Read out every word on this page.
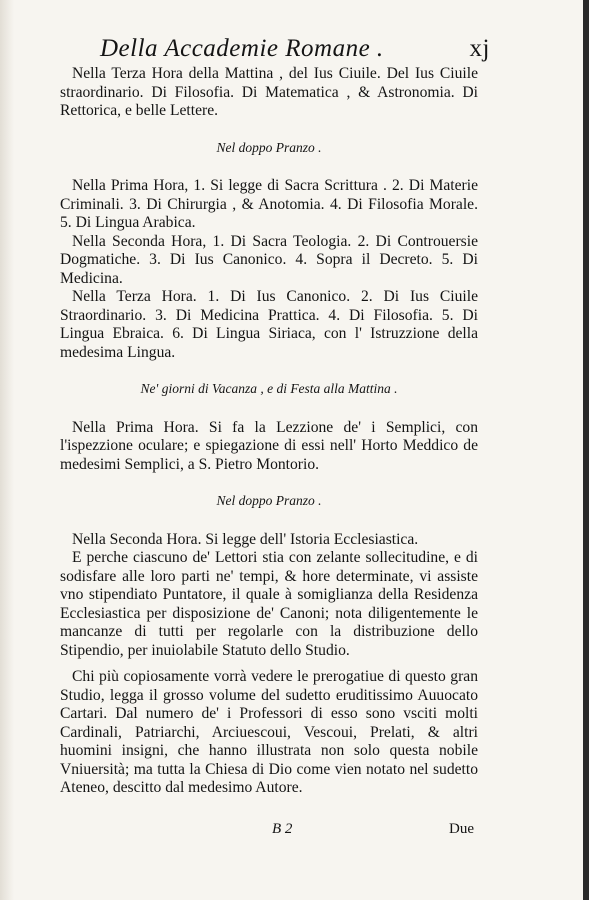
Della Accademie Romane .	xj

Nella Terza Hora della Mattina , del Ius Ciuile. Del Ius Ciuile straordinario. Di Filosofia. Di Matematica , & Astronomia. Di Rettorica, e belle Lettere.

Nel doppo Pranzo .

Nella Prima Hora, 1. Si legge di Sacra Scrittura . 2. Di Materie Criminali. 3. Di Chirurgia , & Anotomia. 4. Di Filosofia Morale. 5. Di Lingua Arabica.

Nella Seconda Hora, 1. Di Sacra Teologia. 2. Di Controuersie Dogmatiche. 3. Di Ius Canonico. 4. Sopra il Decreto. 5. Di Medicina.

Nella Terza Hora. 1. Di Ius Canonico. 2. Di Ius Ciuile Straordinario. 3. Di Medicina Prattica. 4. Di Filosofia. 5. Di Lingua Ebraica. 6. Di Lingua Siriaca, con l' Istruzzione della medesima Lingua.

Ne' giorni di Vacanza , e di Festa alla Mattina .

Nella Prima Hora. Si fa la Lezzione de' i Semplici, con l'ispezzione oculare; e spiegazione di essi nell' Horto Meddico de medesimi Semplici, a S. Pietro Montorio.

Nel doppo Pranzo .

Nella Seconda Hora. Si legge dell' Istoria Ecclesiastica.

E perche ciascuno de' Lettori stia con zelante sollecitudine, e di sodisfare alle loro parti ne' tempi, & hore determinate, vi assiste vno stipendiato Puntatore, il quale à somiglianza della Residenza Ecclesiastica per disposizione de' Canoni; nota diligentemente le mancanze di tutti per regolarle con la distribuzione dello Stipendio, per inuiolabile Statuto dello Studio.

Chi più copiosamente vorrà vedere le prerogatiue di questo gran Studio, legga il grosso volume del sudetto eruditissimo Auuocato Cartari. Dal numero de' i Professori di esso sono vsciti molti Cardinali, Patriarchi, Arciuescoui, Vescoui, Prelati, & altri huomini insigni, che hanno illustrata non solo questa nobile Vniuersità; ma tutta la Chiesa di Dio come vien notato nel sudetto Ateneo, descitto dal medesimo Autore.

B 2	Due
